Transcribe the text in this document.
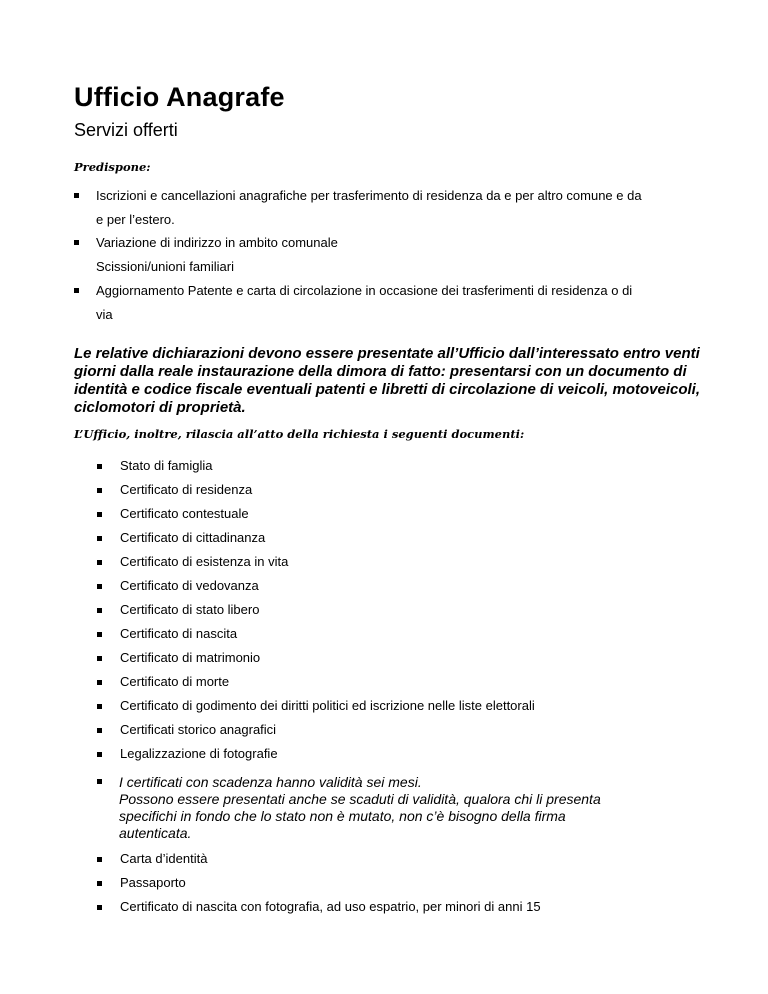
Ufficio Anagrafe
Servizi offerti
Predispone:
Iscrizioni e cancellazioni anagrafiche per trasferimento di residenza da e per altro comune e da
e per l’estero.
Variazione di indirizzo in ambito comunale
Scissioni/unioni familiari
Aggiornamento Patente e carta di circolazione in occasione dei trasferimenti di residenza o di
via

Le relative dichiarazioni devono essere presentate all’Ufficio dall’interessato entro venti giorni dalla reale instaurazione della dimora di fatto: presentarsi con un documento di identità e codice fiscale eventuali patenti e libretti di circolazione di veicoli, motoveicoli, ciclomotori di proprietà.

L’Ufficio, inoltre, rilascia all’atto della richiesta i seguenti documenti:
Stato di famiglia
Certificato di residenza
Certificato contestuale
Certificato di cittadinanza
Certificato di esistenza in vita
Certificato di vedovanza
Certificato di stato libero
Certificato di nascita
Certificato di matrimonio
Certificato di morte
Certificato di godimento dei diritti politici ed iscrizione nelle liste elettorali
Certificati storico anagrafici
Legalizzazione di fotografie
I certificati con scadenza hanno validità sei mesi.
Possono essere presentati anche se scaduti di validità, qualora chi li presenta
specifichi in fondo che lo stato non è mutato, non c’è bisogno della firma
autenticata.
Carta d’identità
Passaporto
Certificato di nascita con fotografia, ad uso espatrio, per minori di anni 15
